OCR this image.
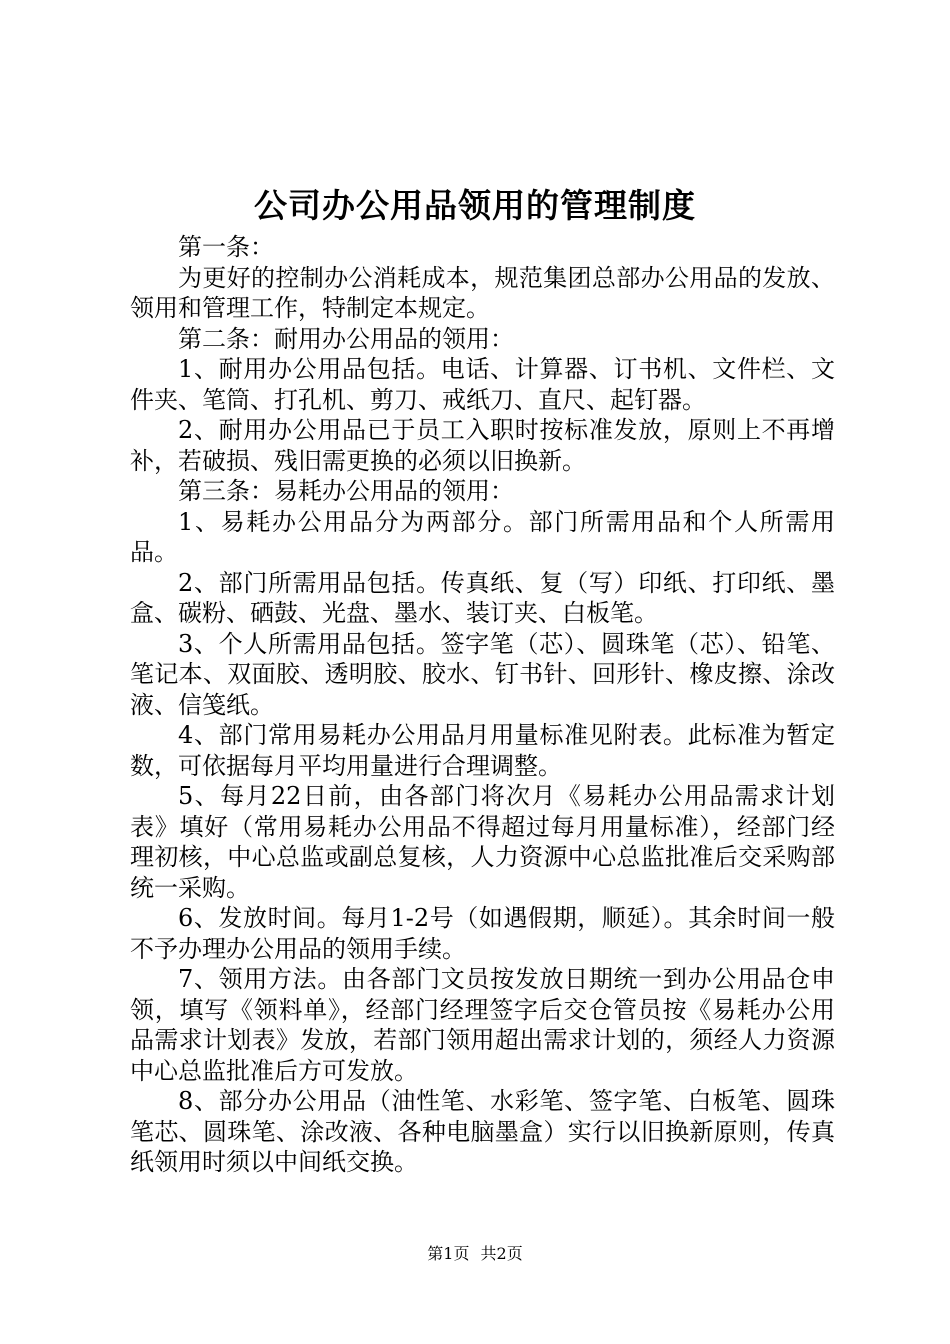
公司办公用品领用的管理制度

第一条：

为更好的控制办公消耗成本，规范集团总部办公用品的发放、领用和管理工作，特制定本规定。

第二条：耐用办公用品的领用：

1、耐用办公用品包括。电话、计算器、订书机、文件栏、文件夹、笔筒、打孔机、剪刀、戒纸刀、直尺、起钉器。

2、耐用办公用品已于员工入职时按标准发放，原则上不再增补，若破损、残旧需更换的必须以旧换新。

第三条：易耗办公用品的领用：

1、易耗办公用品分为两部分。部门所需用品和个人所需用品。

2、部门所需用品包括。传真纸、复（写）印纸、打印纸、墨盒、碳粉、硒鼓、光盘、墨水、装订夹、白板笔。

3、个人所需用品包括。签字笔（芯）、圆珠笔（芯）、铅笔、笔记本、双面胶、透明胶、胶水、钉书针、回形针、橡皮擦、涂改液、信笺纸。

4、部门常用易耗办公用品月用量标准见附表。此标准为暂定数，可依据每月平均用量进行合理调整。

5、每月22日前，由各部门将次月《易耗办公用品需求计划表》填好（常用易耗办公用品不得超过每月用量标准），经部门经理初核，中心总监或副总复核，人力资源中心总监批准后交采购部统一采购。

6、发放时间。每月1-2号（如遇假期，顺延）。其余时间一般不予办理办公用品的领用手续。

7、领用方法。由各部门文员按发放日期统一到办公用品仓申领，填写《领料单》，经部门经理签字后交仓管员按《易耗办公用品需求计划表》发放，若部门领用超出需求计划的，须经人力资源中心总监批准后方可发放。

8、部分办公用品（油性笔、水彩笔、签字笔、白板笔、圆珠笔芯、圆珠笔、涂改液、各种电脑墨盒）实行以旧换新原则，传真纸领用时须以中间纸交换。

第1页 共2页
